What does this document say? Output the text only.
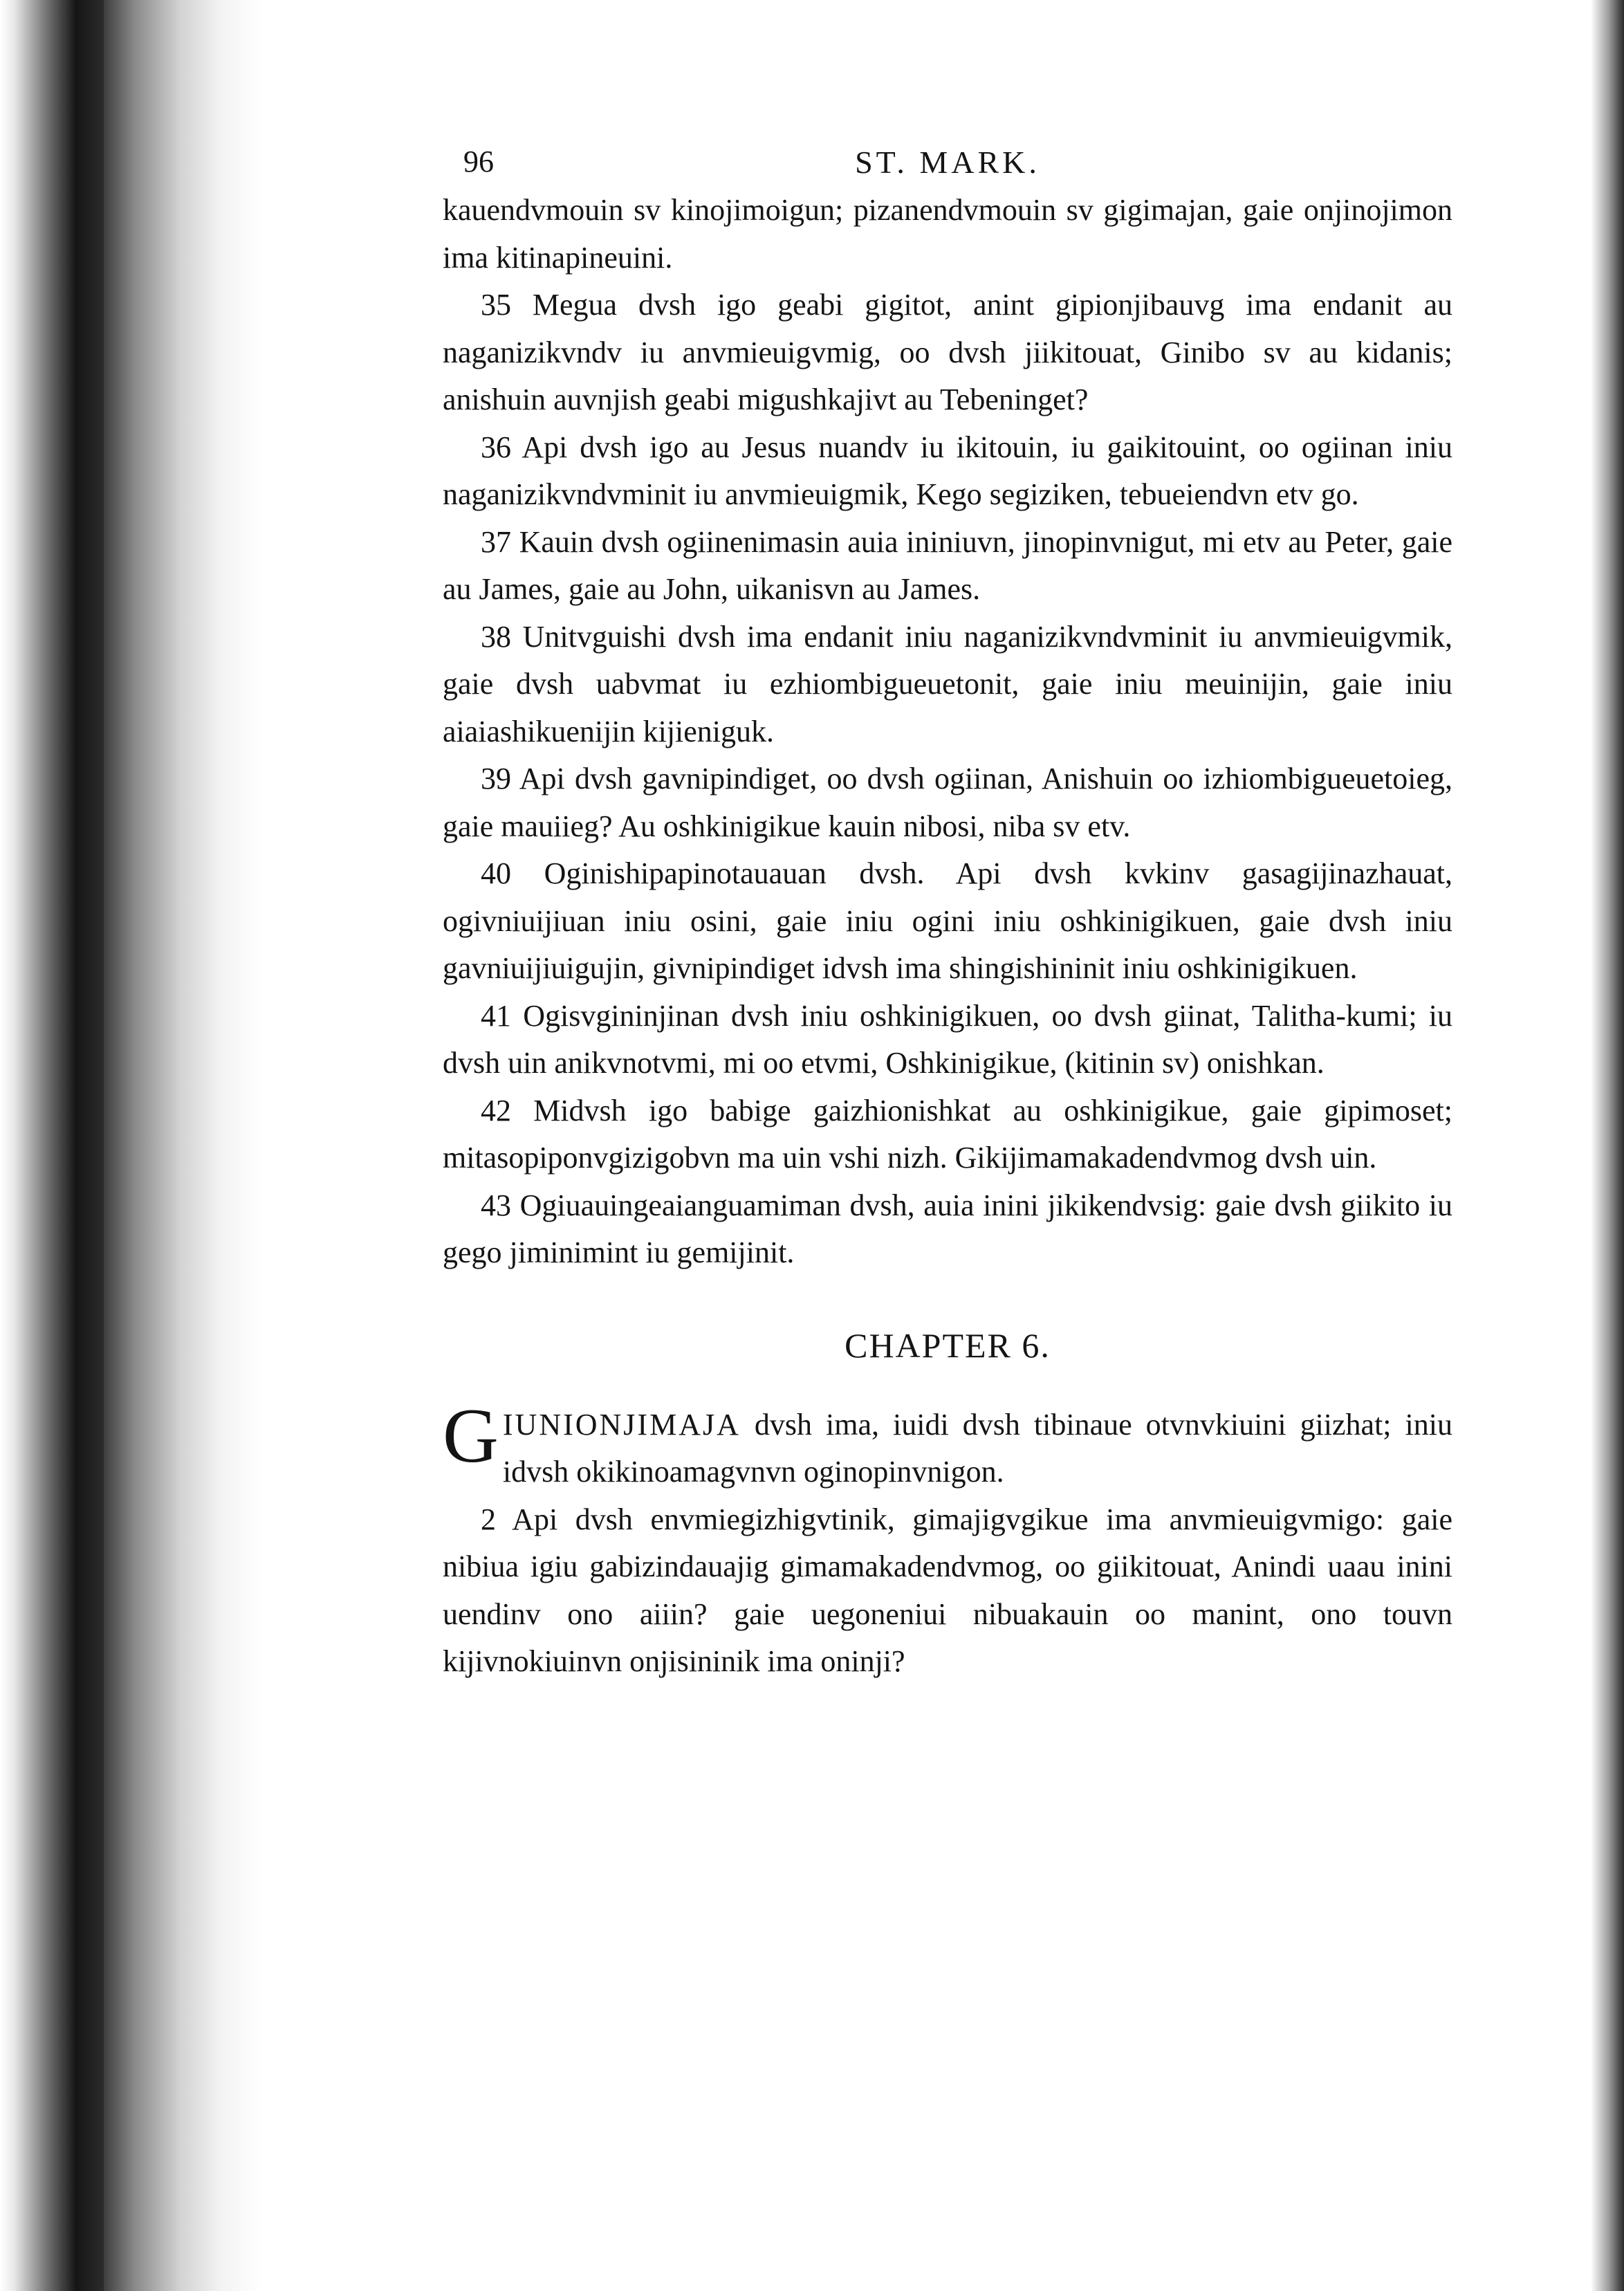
96	ST. MARK.

kauendvmouin sv kinojimoigun; pizanendvmouin sv gigimajan, gaie onjinojimon ima kitinapineuini.

35 Megua dvsh igo geabi gigitot, anint gipionjibauvg ima endanit au naganizikvndv iu anvmieuigvmig, oo dvsh jiikitouat, Ginibo sv au kidanis; anishuin auvnjish geabi migushkajivt au Tebeninget?

36 Api dvsh igo au Jesus nuandv iu ikitouin, iu gaikitouint, oo ogiinan iniu naganizikvndvminit iu anvmieuigmik, Kego segiziken, tebueiendvn etv go.

37 Kauin dvsh ogiinenimasin auia ininiuvn, jinopinvnigut, mi etv au Peter, gaie au James, gaie au John, uikanisvn au James.

38 Unitvguishi dvsh ima endanit iniu naganizikvndvminit iu anvmieuigvmik, gaie dvsh uabvmat iu ezhiombigueuetonit, gaie iniu meuinijin, gaie iniu aiaiashikuenijin kijieniguk.

39 Api dvsh gavnipindiget, oo dvsh ogiinan, Anishuin oo izhiombigueuetoieg, gaie mauiieg? Au oshkinigikue kauin nibosi, niba sv etv.

40 Oginishipapinotauauan dvsh. Api dvsh kvkinv gasagijinazhauat, ogivniuijiuan iniu osini, gaie iniu ogini iniu oshkinigikuen, gaie dvsh iniu gavniuijiuigujin, givnipindiget idvsh ima shingishininit iniu oshkinigikuen.

41 Ogisvgininjinan dvsh iniu oshkinigikuen, oo dvsh giinat, Talitha-kumi; iu dvsh uin anikvnotvmi, mi oo etvmi, Oshkinigikue, (kitinin sv) onishkan.

42 Midvsh igo babige gaizhionishkat au oshkinigikue, gaie gipimoset; mitasopiponvgizigobvn ma uin vshi nizh. Gikijimamakadendvmog dvsh uin.

43 Ogiuauingeaianguamiman dvsh, auia inini jikikendvsig: gaie dvsh giikito iu gego jiminimint iu gemijinit.

CHAPTER 6.

GIUNIONJIMAJA dvsh ima, iuidi dvsh tibinaue otvnvkiuini giizhat; iniu idvsh okikinoamagvnvn oginopinvnigon.

2 Api dvsh envmiegizhigvtinik, gimajigvgikue ima anvmieuigvmigo: gaie nibiua igiu gabizindauajig gimamakadendvmog, oo giikitouat, Anindi uaau inini uendinv ono aiiin? gaie uegoneniui nibuakauin oo manint, ono touvn kijivnokiuinvn onjisininik ima oninji?
